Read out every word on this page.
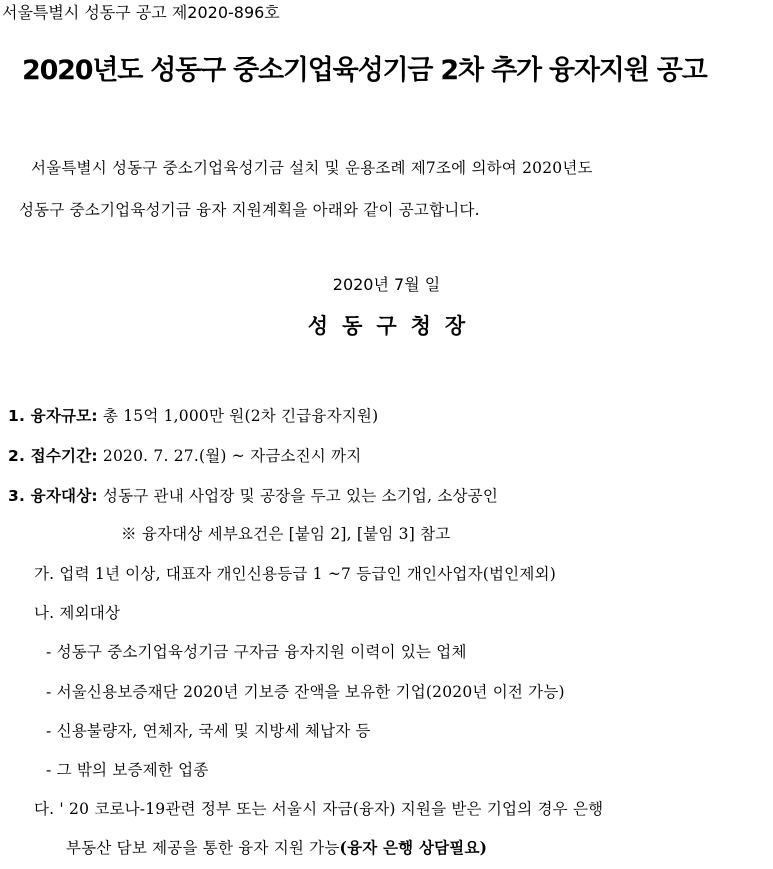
서울특별시 성동구 공고 제2020-896호
2020년도 성동구 중소기업육성기금 2차 추가 융자지원 공고
서울특별시 성동구 중소기업육성기금 설치 및 운용조례 제7조에 의하여 2020년도
성동구 중소기업육성기금 융자 지원계획을 아래와 같이 공고합니다.
2020년 7월 일
성동구청장
1. 융자규모: 총 15억 1,000만 원(2차 긴급융자지원)
2. 접수기간: 2020. 7. 27.(월) ~ 자금소진시 까지
3. 융자대상: 성동구 관내 사업장 및 공장을 두고 있는 소기업, 소상공인
※ 융자대상 세부요건은 [붙임 2], [붙임 3] 참고
가. 업력 1년 이상, 대표자 개인신용등급 1 ~7 등급인 개인사업자(법인제외)
나. 제외대상
- 성동구 중소기업육성기금 구자금 융자지원 이력이 있는 업체
- 서울신용보증재단 2020년 기보증 잔액을 보유한 기업(2020년 이전 가능)
- 신용불량자, 연체자, 국세 및 지방세 체납자 등
- 그 밖의 보증제한 업종
다. ' 20 코로나-19관련 정부 또는 서울시 자금(융자) 지원을 받은 기업의 경우 은행
부동산 담보 제공을 통한 융자 지원 가능(융자 은행 상담필요)
